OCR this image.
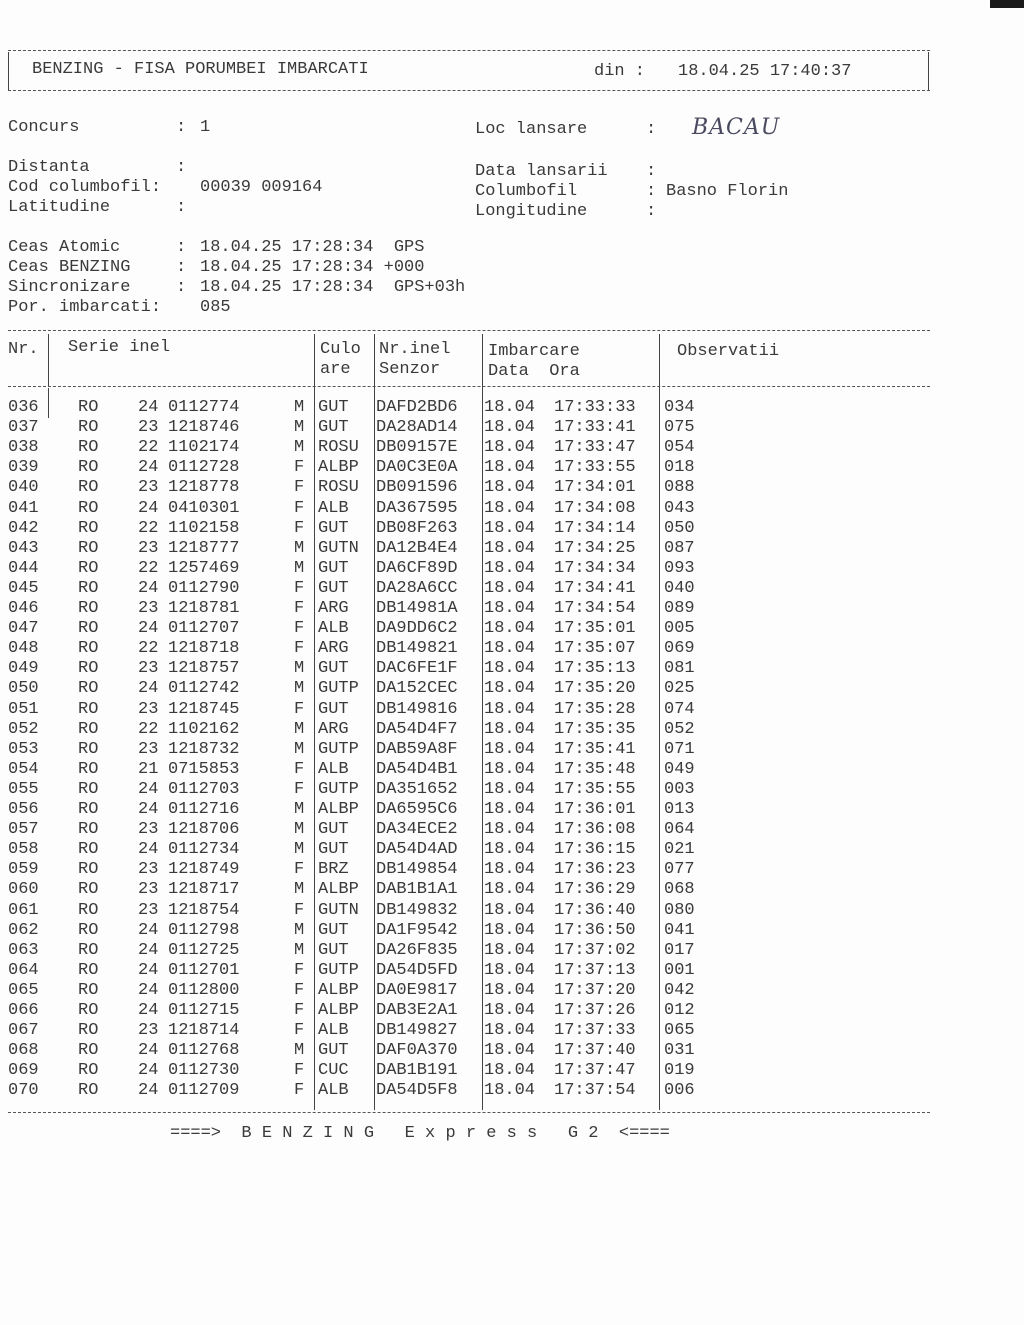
BENZING - FISA PORUMBEI IMBARCATI	din : 18.04.25 17:40:37
Concurs	: 1	Loc lansare	: BACAU
Distanta	:	Data lansarii :
Cod columbofil: 00039 009164	Columbofil	: Basno Florin
Latitudine	:	Longitudine	:
Ceas Atomic	: 18.04.25 17:28:34  GPS
Ceas BENZING	: 18.04.25 17:28:34 +000
Sincronizare	: 18.04.25 17:28:34  GPS+03h
Por. imbarcati: 085
Nr. Serie inel	Culo
are
Nr.inel
Senzor
Imbarcare
Data  Ora
Observatii
036 RO 24 0112774	M GUT DAFD2BD6 18.04 17:33:33 034
037 RO 23 1218746	M GUT DA28AD14 18.04 17:33:41 075
038 RO 22 1102174	M ROSU DB09157E 18.04 17:33:47 054
039 RO 24 0112728	F ALBP DA0C3E0A 18.04 17:33:55 018
040 RO 23 1218778	F ROSU DB091596 18.04 17:34:01 088
041 RO 24 0410301	F ALB DA367595 18.04 17:34:08 043
042 RO 22 1102158	F GUT DB08F263 18.04 17:34:14 050
043 RO 23 1218777	M GUTN DA12B4E4 18.04 17:34:25 087
044 RO 22 1257469	M GUT DA6CF89D 18.04 17:34:34 093
045 RO 24 0112790	F GUT DA28A6CC 18.04 17:34:41 040
046 RO 23 1218781	F ARG DB14981A 18.04 17:34:54 089
047 RO 24 0112707	F ALB DA9DD6C2 18.04 17:35:01 005
048 RO 22 1218718	F ARG DB149821 18.04 17:35:07 069
049 RO 23 1218757	M GUT DAC6FE1F 18.04 17:35:13 081
050 RO 24 0112742	M GUTP DA152CEC 18.04 17:35:20 025
051 RO 23 1218745	F GUT DB149816 18.04 17:35:28 074
052 RO 22 1102162	M ARG DA54D4F7 18.04 17:35:35 052
053 RO 23 1218732	M GUTP DAB59A8F 18.04 17:35:41 071
054 RO 21 0715853	F ALB DA54D4B1 18.04 17:35:48 049
055 RO 24 0112703	F GUTP DA351652 18.04 17:35:55 003
056 RO 24 0112716	M ALBP DA6595C6 18.04 17:36:01 013
057 RO 23 1218706	M GUT DA34ECE2 18.04 17:36:08 064
058 RO 24 0112734	M GUT DA54D4AD 18.04 17:36:15 021
059 RO 23 1218749	F BRZ DB149854 18.04 17:36:23 077
060 RO 23 1218717	M ALBP DAB1B1A1 18.04 17:36:29 068
061 RO 23 1218754	F GUTN DB149832 18.04 17:36:40 080
062 RO 24 0112798	M GUT DA1F9542 18.04 17:36:50 041
063 RO 24 0112725	M GUT DA26F835 18.04 17:37:02 017
064 RO 24 0112701	F GUTP DA54D5FD 18.04 17:37:13 001
065 RO 24 0112800	F ALBP DA0E9817 18.04 17:37:20 042
066 RO 24 0112715	F ALBP DAB3E2A1 18.04 17:37:26 012
067 RO 23 1218714	F ALB DB149827 18.04 17:37:33 065
068 RO 24 0112768	M GUT DAF0A370 18.04 17:37:40 031
069 RO 24 0112730	F CUC DAB1B191 18.04 17:37:47 019
070 RO 24 0112709	F ALB DA54D5F8 18.04 17:37:54 006
====>  B E N Z I N G   E x p r e s s   G 2  <====
